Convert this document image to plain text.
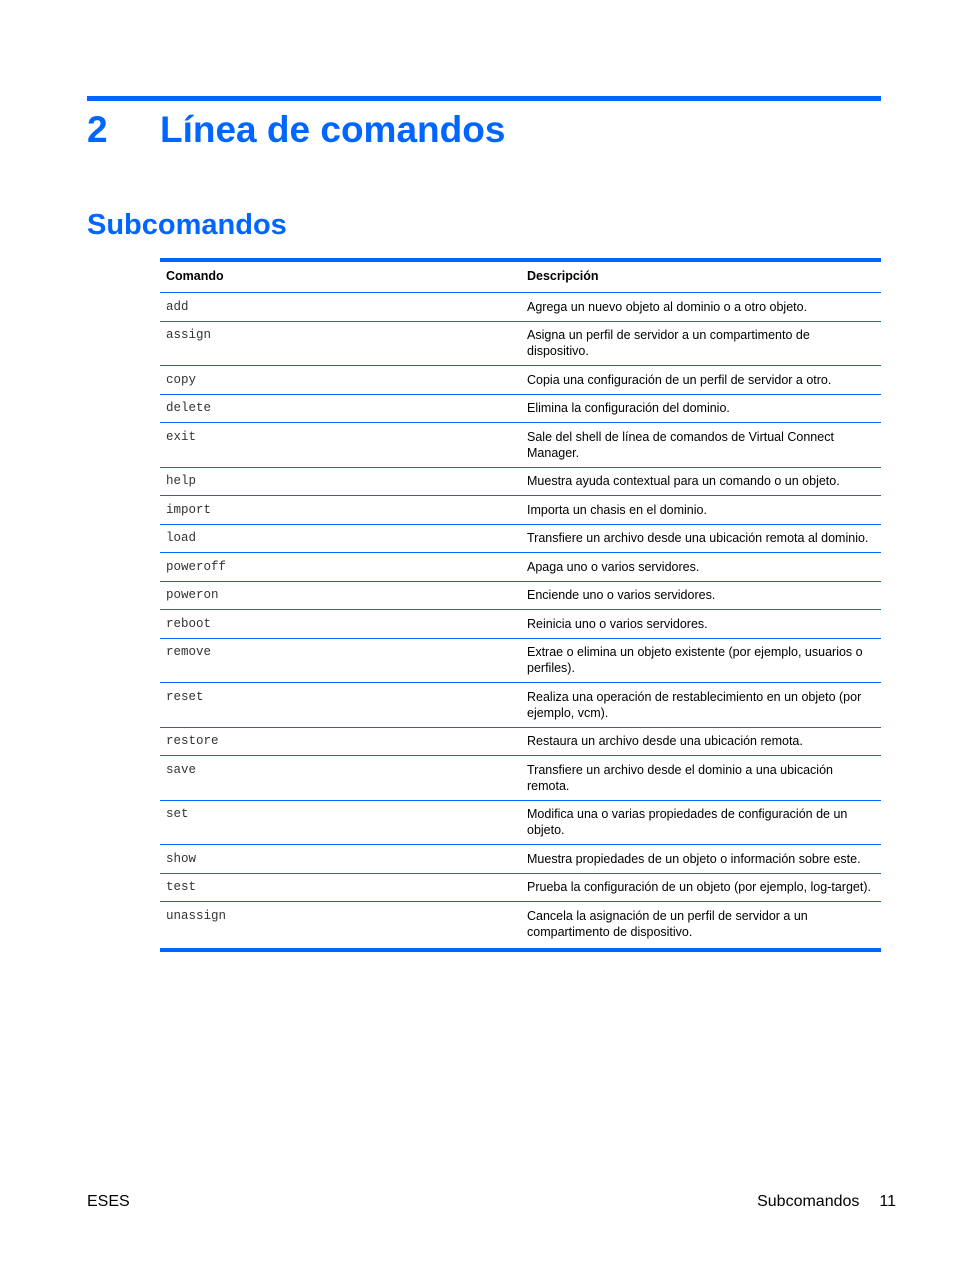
2 Línea de comandos
Subcomandos
Comando	Descripción
add	Agrega un nuevo objeto al dominio o a otro objeto.
assign	Asigna un perfil de servidor a un compartimento de dispositivo.
copy	Copia una configuración de un perfil de servidor a otro.
delete	Elimina la configuración del dominio.
exit	Sale del shell de línea de comandos de Virtual Connect Manager.
help	Muestra ayuda contextual para un comando o un objeto.
import	Importa un chasis en el dominio.
load	Transfiere un archivo desde una ubicación remota al dominio.
poweroff	Apaga uno o varios servidores.
poweron	Enciende uno o varios servidores.
reboot	Reinicia uno o varios servidores.
remove	Extrae o elimina un objeto existente (por ejemplo, usuarios o perfiles).
reset	Realiza una operación de restablecimiento en un objeto (por ejemplo, vcm).
restore	Restaura un archivo desde una ubicación remota.
save	Transfiere un archivo desde el dominio a una ubicación remota.
set	Modifica una o varias propiedades de configuración de un objeto.
show	Muestra propiedades de un objeto o información sobre este.
test	Prueba la configuración de un objeto (por ejemplo, log-target).
unassign	Cancela la asignación de un perfil de servidor a un compartimento de dispositivo.
ESES	Subcomandos 11
